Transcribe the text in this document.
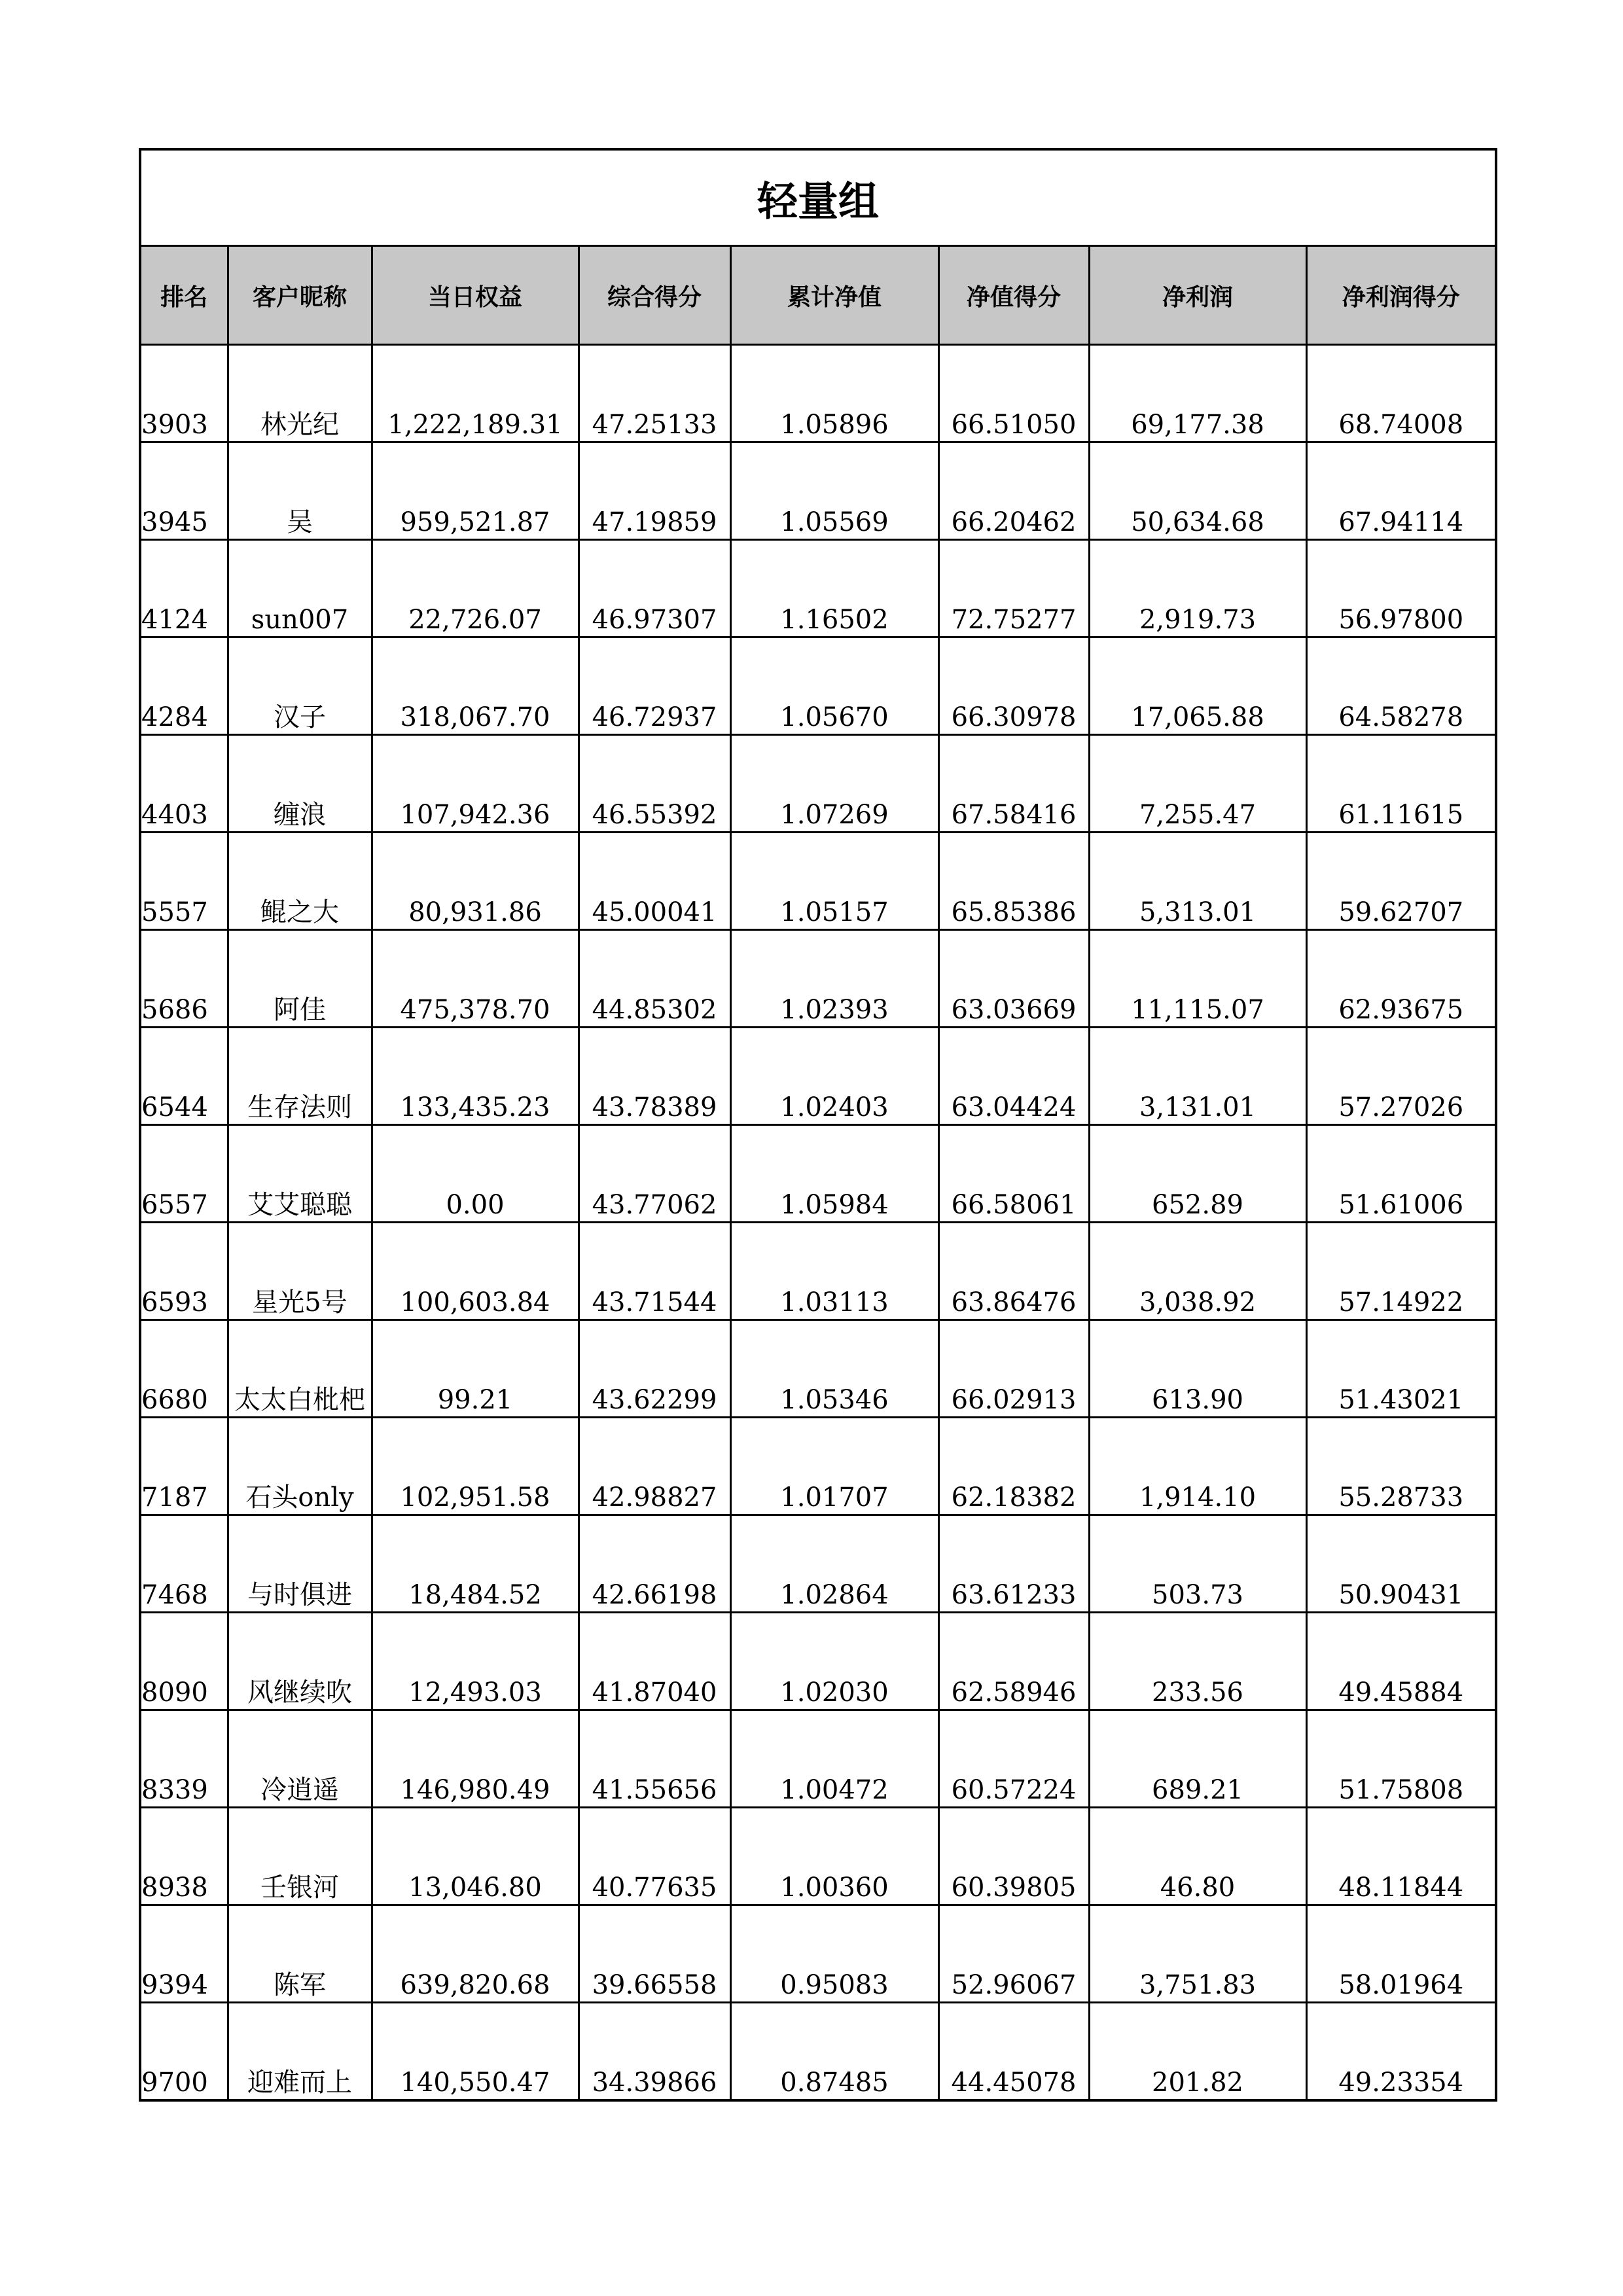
轻量组							
排名	客户昵称	当日权益	综合得分	累计净值	净值得分	净利润	净利润得分
3903	林光纪	1,222,189.31	47.25133	1.05896	66.51050	69,177.38	68.74008
3945	吴	959,521.87	47.19859	1.05569	66.20462	50,634.68	67.94114
4124	sun007	22,726.07	46.97307	1.16502	72.75277	2,919.73	56.97800
4284	汉子	318,067.70	46.72937	1.05670	66.30978	17,065.88	64.58278
4403	缠浪	107,942.36	46.55392	1.07269	67.58416	7,255.47	61.11615
5557	鲲之大	80,931.86	45.00041	1.05157	65.85386	5,313.01	59.62707
5686	阿佳	475,378.70	44.85302	1.02393	63.03669	11,115.07	62.93675
6544	生存法则	133,435.23	43.78389	1.02403	63.04424	3,131.01	57.27026
6557	艾艾聪聪	0.00	43.77062	1.05984	66.58061	652.89	51.61006
6593	星光5号	100,603.84	43.71544	1.03113	63.86476	3,038.92	57.14922
6680	太太白枇杷	99.21	43.62299	1.05346	66.02913	613.90	51.43021
7187	石头only	102,951.58	42.98827	1.01707	62.18382	1,914.10	55.28733
7468	与时俱进	18,484.52	42.66198	1.02864	63.61233	503.73	50.90431
8090	风继续吹	12,493.03	41.87040	1.02030	62.58946	233.56	49.45884
8339	冷逍遥	146,980.49	41.55656	1.00472	60.57224	689.21	51.75808
8938	壬银河	13,046.80	40.77635	1.00360	60.39805	46.80	48.11844
9394	陈军	639,820.68	39.66558	0.95083	52.96067	3,751.83	58.01964
9700	迎难而上	140,550.47	34.39866	0.87485	44.45078	201.82	49.23354
